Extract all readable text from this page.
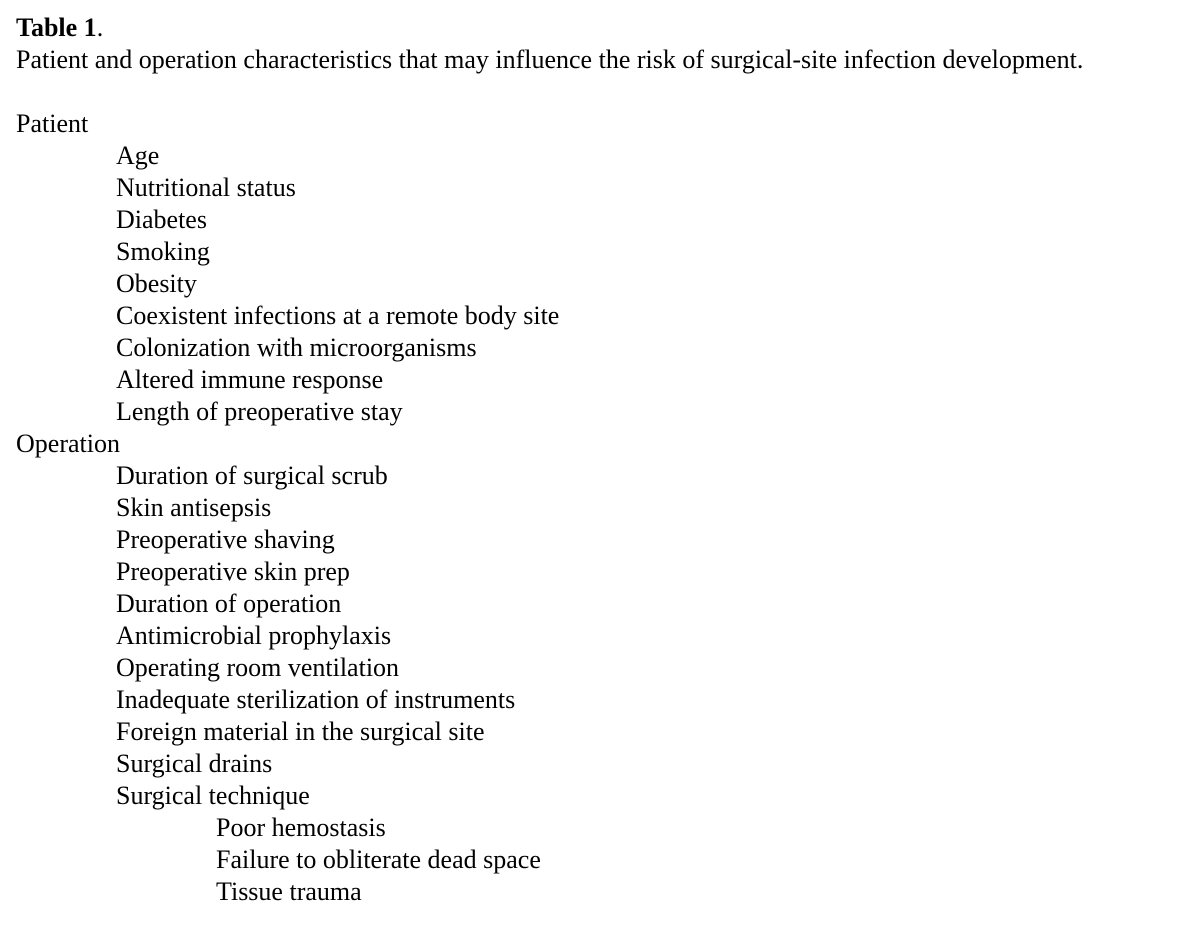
Table 1.
Patient and operation characteristics that may influence the risk of surgical-site infection development.
Patient
Age
Nutritional status
Diabetes
Smoking
Obesity
Coexistent infections at a remote body site
Colonization with microorganisms
Altered immune response
Length of preoperative stay
Operation
Duration of surgical scrub
Skin antisepsis
Preoperative shaving
Preoperative skin prep
Duration of operation
Antimicrobial prophylaxis
Operating room ventilation
Inadequate sterilization of instruments
Foreign material in the surgical site
Surgical drains
Surgical technique
Poor hemostasis
Failure to obliterate dead space
Tissue trauma
